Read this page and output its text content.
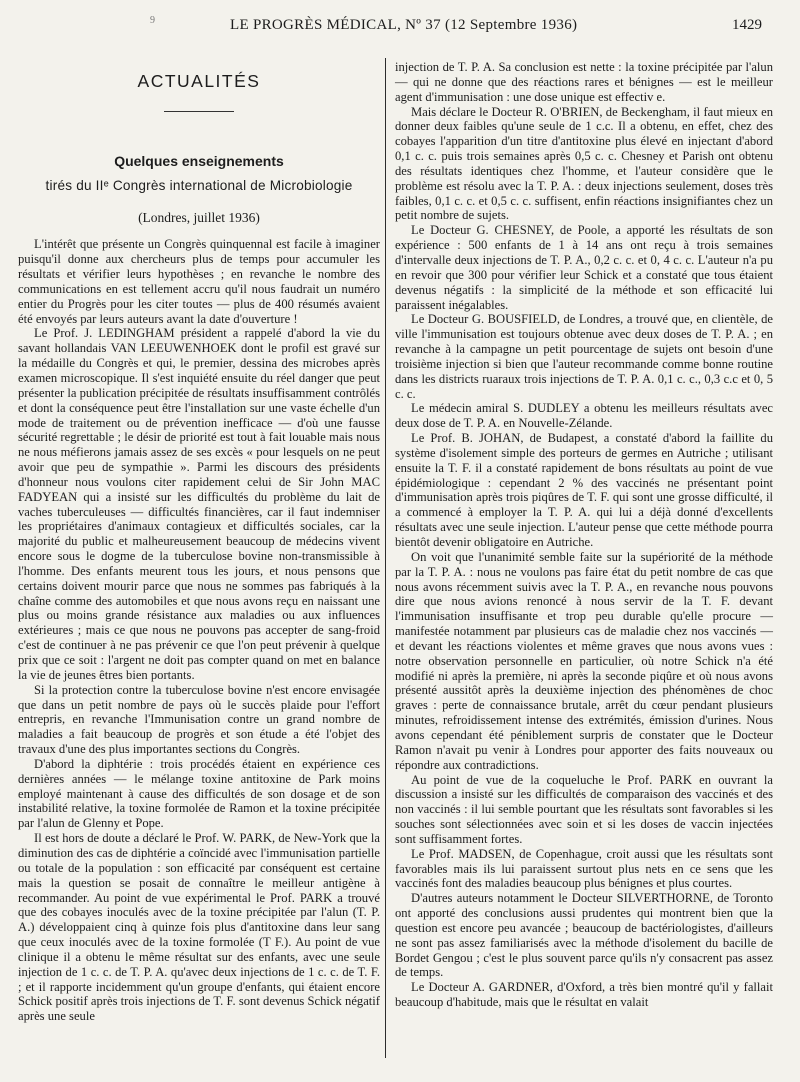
9	LE PROGRÈS MÉDICAL, Nº 37 (12 Septembre 1936)	1429
ACTUALITÉS
Quelques enseignements
tirés du IIᵉ Congrès international de Microbiologie
(Londres, juillet 1936)

L'intérêt que présente un Congrès quinquennal est facile à imaginer puisqu'il donne aux chercheurs plus de temps pour accumuler les résultats et vérifier leurs hypothèses ; en revanche le nombre des communications en est tellement accru qu'il nous faudrait un numéro entier du Progrès pour les citer toutes — plus de 400 résumés avaient été envoyés par leurs auteurs avant la date d'ouverture !

Le Prof. J. LEDINGHAM président a rappelé d'abord la vie du savant hollandais VAN LEEUWENHOEK dont le profil est gravé sur la médaille du Congrès et qui, le premier, dessina des microbes après examen microscopique. Il s'est inquiété ensuite du réel danger que peut présenter la publication précipitée de résultats insuffisamment contrôlés et dont la conséquence peut être l'installation sur une vaste échelle d'un mode de traitement ou de prévention inefficace — d'où une fausse sécurité regrettable ; le désir de priorité est tout à fait louable mais nous ne nous méfierons jamais assez de ses excès « pour lesquels on ne peut avoir que peu de sympathie ». Parmi les discours des présidents d'honneur nous voulons citer rapidement celui de Sir John MAC FADYEAN qui a insisté sur les difficultés du problème du lait de vaches tuberculeuses — difficultés financières, car il faut indemniser les propriétaires d'animaux contagieux et difficultés sociales, car la majorité du public et malheureusement beaucoup de médecins vivent encore sous le dogme de la tuberculose bovine non-transmissible à l'homme. Des enfants meurent tous les jours, et nous pensons que certains doivent mourir parce que nous ne sommes pas fabriqués à la chaîne comme des automobiles et que nous avons reçu en naissant une plus ou moins grande résistance aux maladies ou aux influences extérieures ; mais ce que nous ne pouvons pas accepter de sang-froid c'est de continuer à ne pas prévenir ce que l'on peut prévenir à quelque prix que ce soit : l'argent ne doit pas compter quand on met en balance la vie de jeunes êtres bien portants.

Si la protection contre la tuberculose bovine n'est encore envisagée que dans un petit nombre de pays où le succès plaide pour l'effort entrepris, en revanche l'Immunisation contre un grand nombre de maladies a fait beaucoup de progrès et son étude a été l'objet des travaux d'une des plus importantes sections du Congrès.

D'abord la diphtérie : trois procédés étaient en expérience ces dernières années — le mélange toxine antitoxine de Park moins employé maintenant à cause des difficultés de son dosage et de son instabilité relative, la toxine formolée de Ramon et la toxine précipitée par l'alun de Glenny et Pope.

Il est hors de doute a déclaré le Prof. W. PARK, de New-York que la diminution des cas de diphtérie a coïncidé avec l'immunisation partielle ou totale de la population : son efficacité par conséquent est certaine mais la question se posait de connaître le meilleur antigène à recommander. Au point de vue expérimental le Prof. PARK a trouvé que des cobayes inoculés avec de la toxine précipitée par l'alun (T. P. A.) développaient cinq à quinze fois plus d'antitoxine dans leur sang que ceux inoculés avec de la toxine formolée (T F.). Au point de vue clinique il a obtenu le même résultat sur des enfants, avec une seule injection de 1 c. c. de T. P. A. qu'avec deux injections de 1 c. c. de T. F. ; et il rapporte incidemment qu'un groupe d'enfants, qui étaient encore Schick positif après trois injections de T. F. sont devenus Schick négatif après une seule

injection de T. P. A. Sa conclusion est nette : la toxine précipitée par l'alun — qui ne donne que des réactions rares et bénignes — est le meilleur agent d'immunisation : une dose unique est effectiv e.

Mais déclare le Docteur R. O'BRIEN, de Beckengham, il faut mieux en donner deux faibles qu'une seule de 1 c.c. Il a obtenu, en effet, chez des cobayes l'apparition d'un titre d'antitoxine plus élevé en injectant d'abord 0,1 c. c. puis trois semaines après 0,5 c. c. Chesney et Parish ont obtenu des résultats identiques chez l'homme, et l'auteur considère que le problème est résolu avec la T. P. A. : deux injections seulement, doses très faibles, 0,1 c. c. et 0,5 c. c. suffisent, enfin réactions insignifiantes chez un petit nombre de sujets.

Le Docteur G. CHESNEY, de Poole, a apporté les résultats de son expérience : 500 enfants de 1 à 14 ans ont reçu à trois semaines d'intervalle deux injections de T. P. A., 0,2 c. c. et 0, 4 c. c. L'auteur n'a pu en revoir que 300 pour vérifier leur Schick et a constaté que tous étaient devenus négatifs : la simplicité de la méthode et son efficacité lui paraissent inégalables.

Le Docteur G. BOUSFIELD, de Londres, a trouvé que, en clientèle, de ville l'immunisation est toujours obtenue avec deux doses de T. P. A. ; en revanche à la campagne un petit pourcentage de sujets ont besoin d'une troisième injection si bien que l'auteur recommande comme bonne routine dans les districts ruaraux trois injections de T. P. A. 0,1 c. c., 0,3 c.c et 0, 5 c. c.

Le médecin amiral S. DUDLEY a obtenu les meilleurs résultats avec deux dose de T. P. A. en Nouvelle-Zélande.

Le Prof. B. JOHAN, de Budapest, a constaté d'abord la faillite du système d'isolement simple des porteurs de germes en Autriche ; utilisant ensuite la T. F. il a constaté rapidement de bons résultats au point de vue épidémiologique : cependant 2 % des vaccinés ne présentant point d'immunisation après trois piqûres de T. F. qui sont une grosse difficulté, il a commencé à employer la T. P. A. qui lui a déjà donné d'excellents résultats avec une seule injection. L'auteur pense que cette méthode pourra bientôt devenir obligatoire en Autriche.

On voit que l'unanimité semble faite sur la supériorité de la méthode par la T. P. A. : nous ne voulons pas faire état du petit nombre de cas que nous avons récemment suivis avec la T. P. A., en revanche nous pouvons dire que nous avions renoncé à nous servir de la T. F. devant l'immunisation insuffisante et trop peu durable qu'elle procure — manifestée notamment par plusieurs cas de maladie chez nos vaccinés — et devant les réactions violentes et même graves que nous avons vues : notre observation personnelle en particulier, où notre Schick n'a été modifié ni après la première, ni après la seconde piqûre et où nous avons présenté aussitôt après la deuxième injection des phénomènes de choc graves : perte de connaissance brutale, arrêt du cœur pendant plusieurs minutes, refroidissement intense des extrémités, émission d'urines. Nous avons cependant été péniblement surpris de constater que le Docteur Ramon n'avait pu venir à Londres pour apporter des faits nouveaux ou répondre aux contradictions.

Au point de vue de la coqueluche le Prof. PARK en ouvrant la discussion a insisté sur les difficultés de comparaison des vaccinés et des non vaccinés : il lui semble pourtant que les résultats sont favorables si les souches sont sélectionnées avec soin et si les doses de vaccin injectées sont suffisamment fortes.

Le Prof. MADSEN, de Copenhague, croit aussi que les résultats sont favorables mais ils lui paraissent surtout plus nets en ce sens que les vaccinés font des maladies beaucoup plus bénignes et plus courtes.

D'autres auteurs notamment le Docteur SILVERTHORNE, de Toronto ont apporté des conclusions aussi prudentes qui montrent bien que la question est encore peu avancée ; beaucoup de bactériologistes, d'ailleurs ne sont pas assez familiarisés avec la méthode d'isolement du bacille de Bordet Gengou ; c'est le plus souvent parce qu'ils n'y consacrent pas assez de temps.

Le Docteur A. GARDNER, d'Oxford, a très bien montré qu'il y fallait beaucoup d'habitude, mais que le résultat en valait
